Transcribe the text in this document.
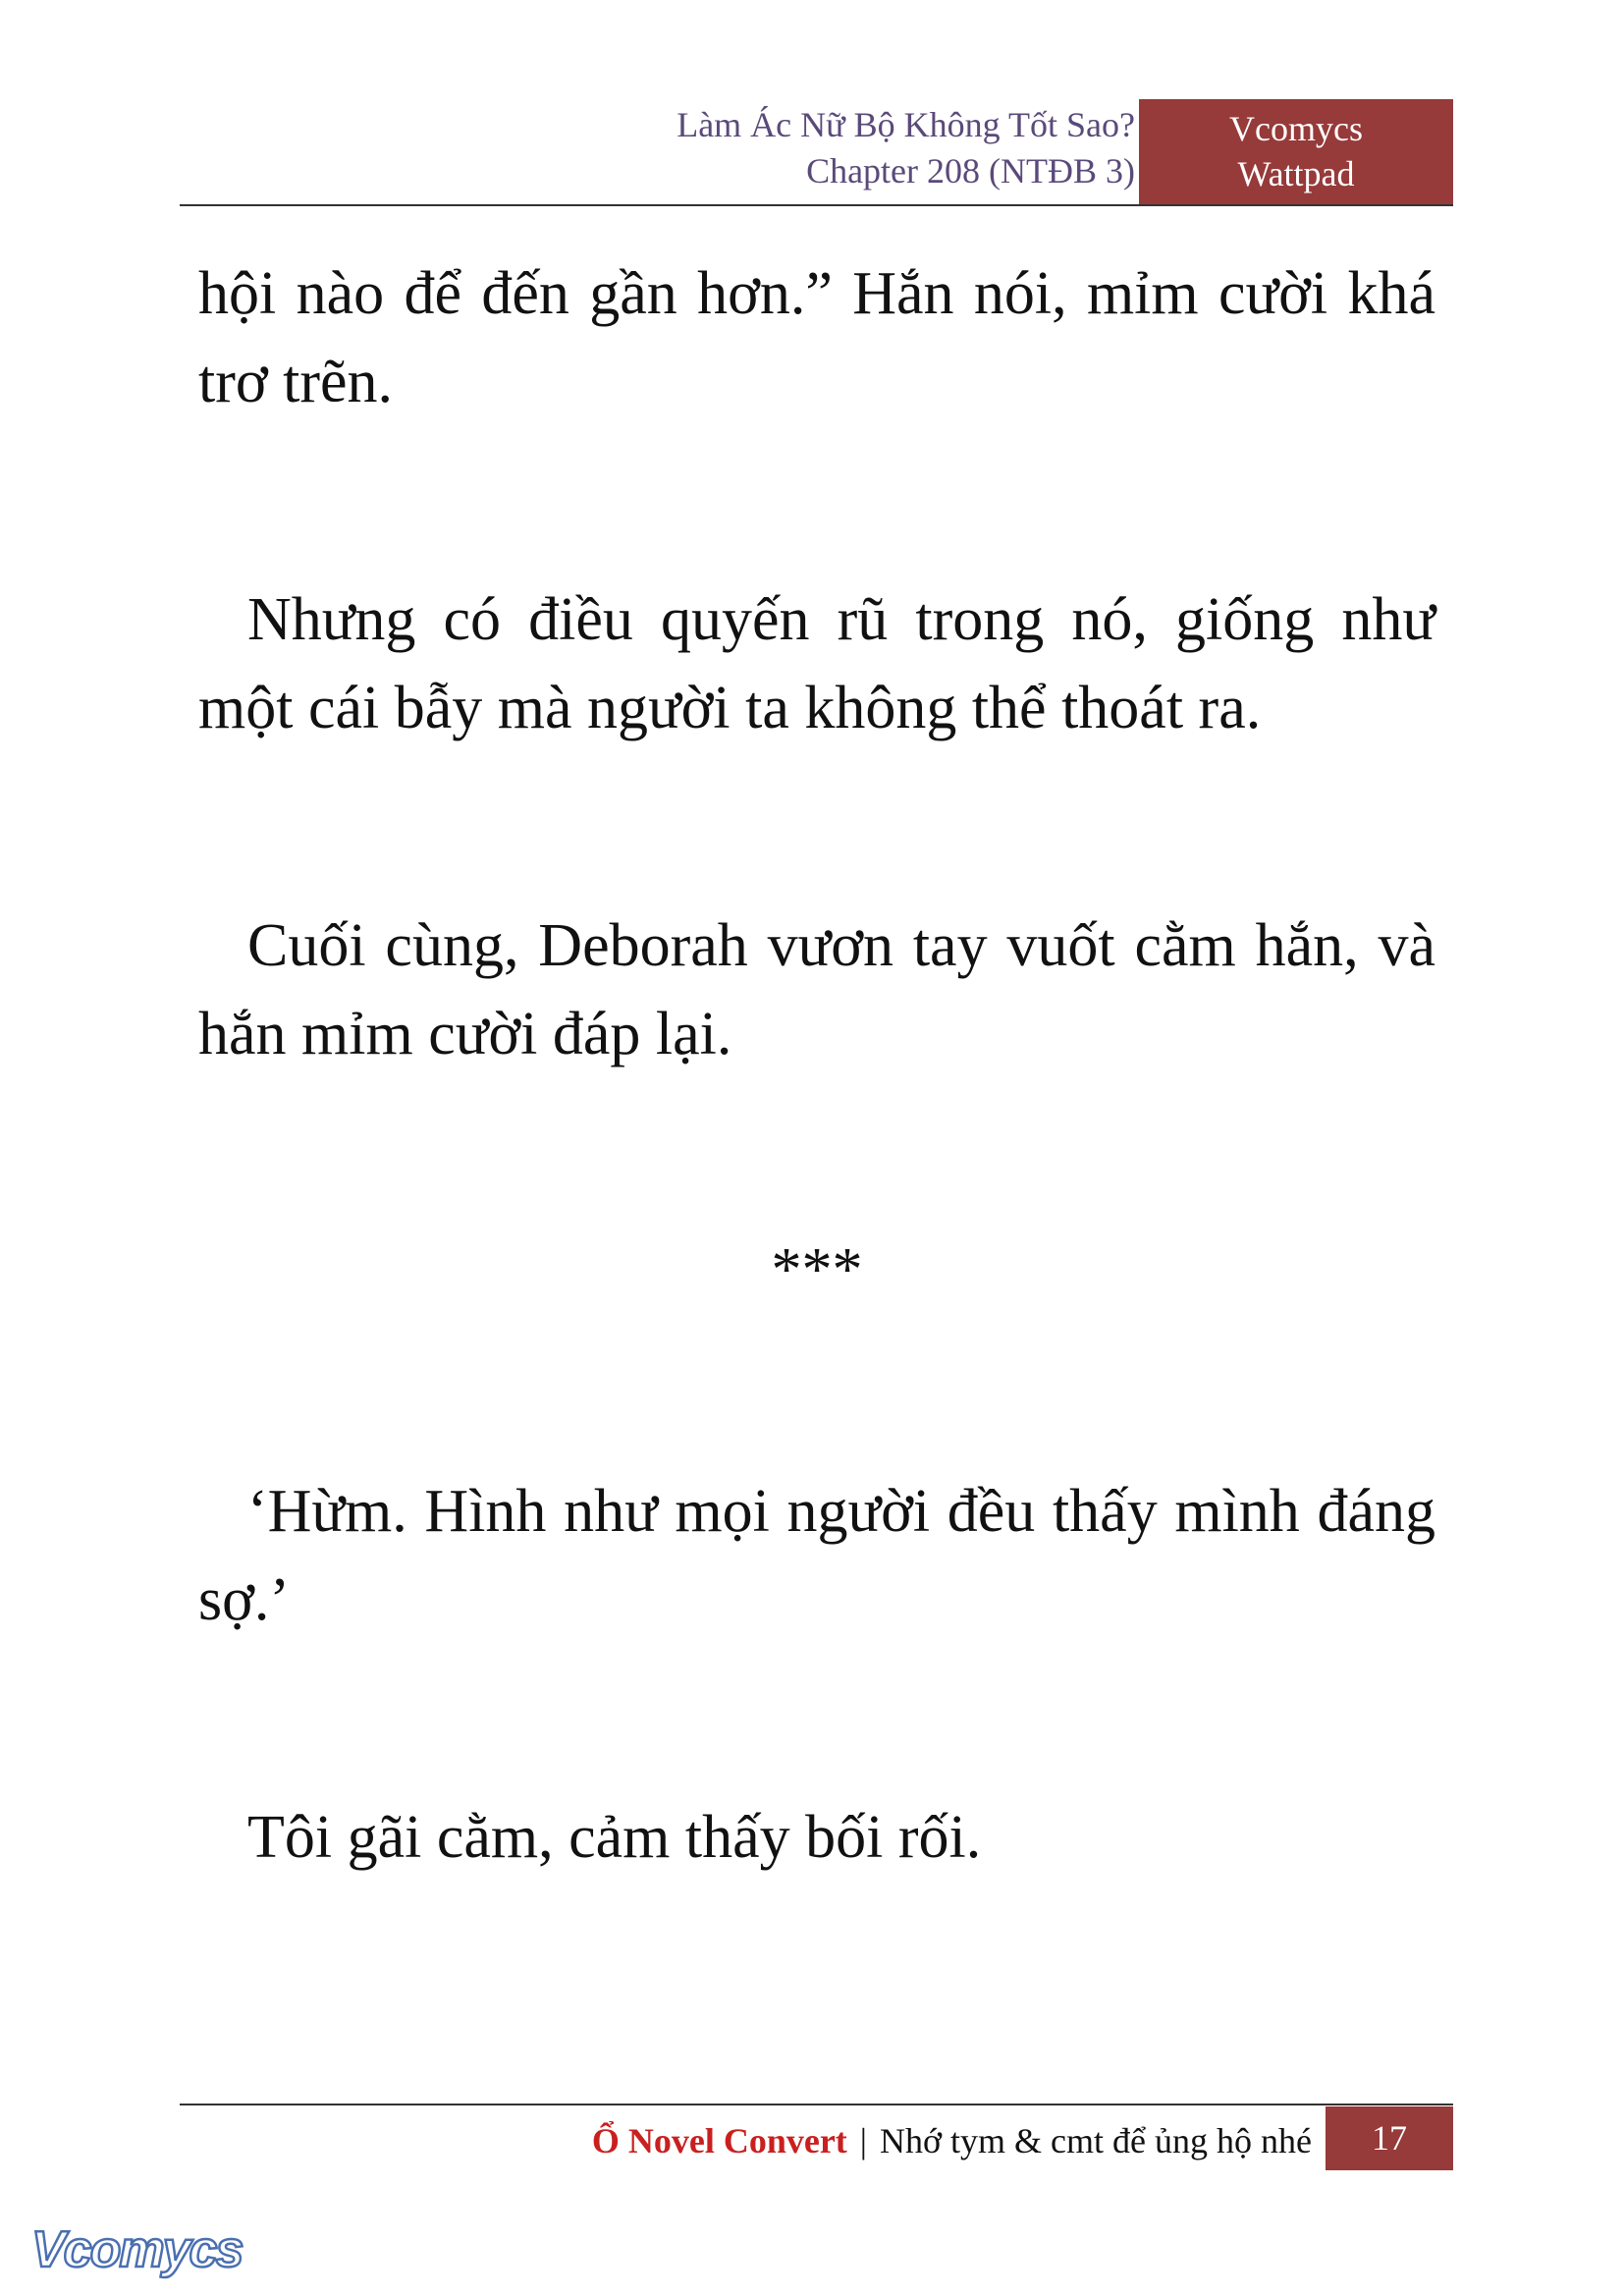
Làm Ác Nữ Bộ Không Tốt Sao?
Chapter 208 (NTĐB 3)
Vcomycs
Wattpad

hội nào để đến gần hơn.” Hắn nói, mỉm cười khá trơ trẽn.

Nhưng có điều quyến rũ trong nó, giống như một cái bẫy mà người ta không thể thoát ra.

Cuối cùng, Deborah vươn tay vuốt cằm hắn, và hắn mỉm cười đáp lại.

***

‘Hừm. Hình như mọi người đều thấy mình đáng sợ.’

Tôi gãi cằm, cảm thấy bối rối.

Ổ Novel Convert | Nhớ tym & cmt để ủng hộ nhé	17
Vcomycs
